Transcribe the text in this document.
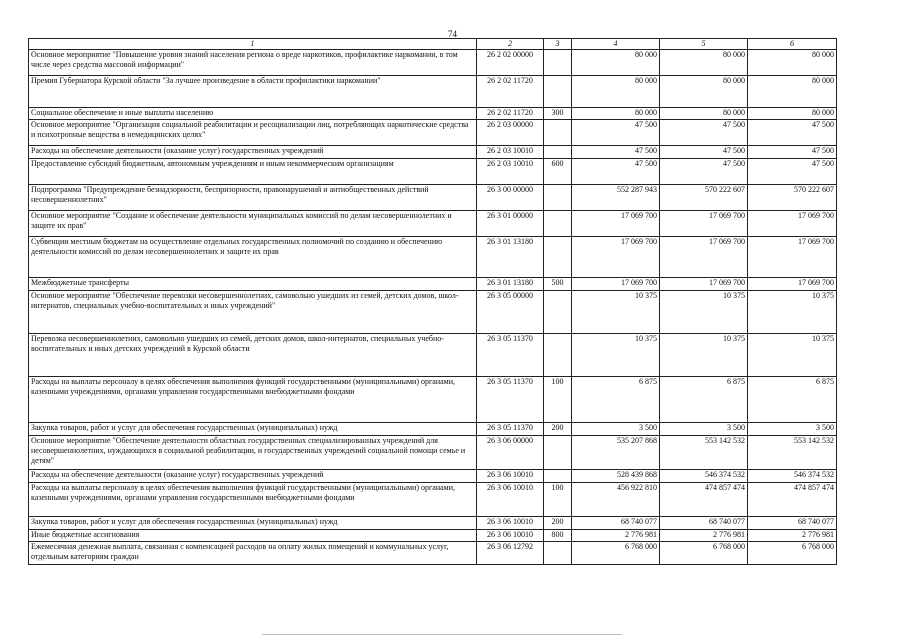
74
1	2	3	4	5	6
Основное мероприятие "Повышение уровня знаний населения региона о вреде наркотиков, профилактике наркомании, в том числе через средства массовой информации"	26 2 02 00000		80 000	80 000	80 000
Премия Губернатора Курской области "За лучшее произведение в области профилактики наркомании"	26 2 02 11720		80 000	80 000	80 000
Социальное обеспечение и иные выплаты населению	26 2 02 11720	300	80 000	80 000	80 000
Основное мероприятие "Организация социальной реабилитации и ресоциализации лиц, потребляющих наркотические средства и психотропные вещества в немедицинских целях"	26 2 03 00000		47 500	47 500	47 500
Расходы на обеспечение деятельности (оказание услуг) государственных учреждений	26 2 03 10010		47 500	47 500	47 500
Предоставление субсидий бюджетным, автономным учреждениям и иным некоммерческим организациям	26 2 03 10010	600	47 500	47 500	47 500
Подпрограмма "Предупреждение безнадзорности, беспризорности, правонарушений и антиобщественных действий несовершеннолетних"	26 3 00 00000		552 287 943	570 222 607	570 222 607
Основное мероприятие "Создание и обеспечение деятельности муниципальных комиссий по делам несовершеннолетних и защите их прав"	26 3 01 00000		17 069 700	17 069 700	17 069 700
Субвенции местным бюджетам на осуществление отдельных государственных полномочий по созданию и обеспечению деятельности комиссий по делам несовершеннолетних и защите их прав	26 3 01 13180		17 069 700	17 069 700	17 069 700
Межбюджетные трансферты	26 3 01 13180	500	17 069 700	17 069 700	17 069 700
Основное мероприятие "Обеспечение перевозки несовершеннолетних, самовольно ушедших из семей, детских домов, школ-интернатов, специальных учебно-воспитательных и иных учреждений"	26 3 05 00000		10 375	10 375	10 375
Перевозка несовершеннолетних, самовольно ушедших из семей, детских домов, школ-интернатов, специальных учебно-воспитательных и иных детских учреждений в Курской области	26 3 05 11370		10 375	10 375	10 375
Расходы на выплаты персоналу в целях обеспечения выполнения функций государственными (муниципальными) органами, казенными учреждениями, органами управления государственными внебюджетными фондами	26 3 05 11370	100	6 875	6 875	6 875
Закупка товаров, работ и услуг для обеспечения государственных (муниципальных) нужд	26 3 05 11370	200	3 500	3 500	3 500
Основное мероприятие "Обеспечение деятельности областных государственных специализированных учреждений для несовершеннолетних, нуждающихся в социальной реабилитации, и государственных учреждений социальной помощи семье и детям"	26 3 06 00000		535 207 868	553 142 532	553 142 532
Расходы на обеспечение деятельности (оказание услуг) государственных учреждений	26 3 06 10010		528 439 868	546 374 532	546 374 532
Расходы на выплаты персоналу в целях обеспечения выполнения функций государственными (муниципальными) органами, казенными учреждениями, органами управления государственными внебюджетными фондами	26 3 06 10010	100	456 922 810	474 857 474	474 857 474
Закупка товаров, работ и услуг для обеспечения государственных (муниципальных) нужд	26 3 06 10010	200	68 740 077	68 740 077	68 740 077
Иные бюджетные ассигнования	26 3 06 10010	800	2 776 981	2 776 981	2 776 981
Ежемесячная денежная выплата, связанная с компенсацией расходов на оплату жилых помещений и коммунальных услуг, отдельным категориям граждан	26 3 06 12792		6 768 000	6 768 000	6 768 000
